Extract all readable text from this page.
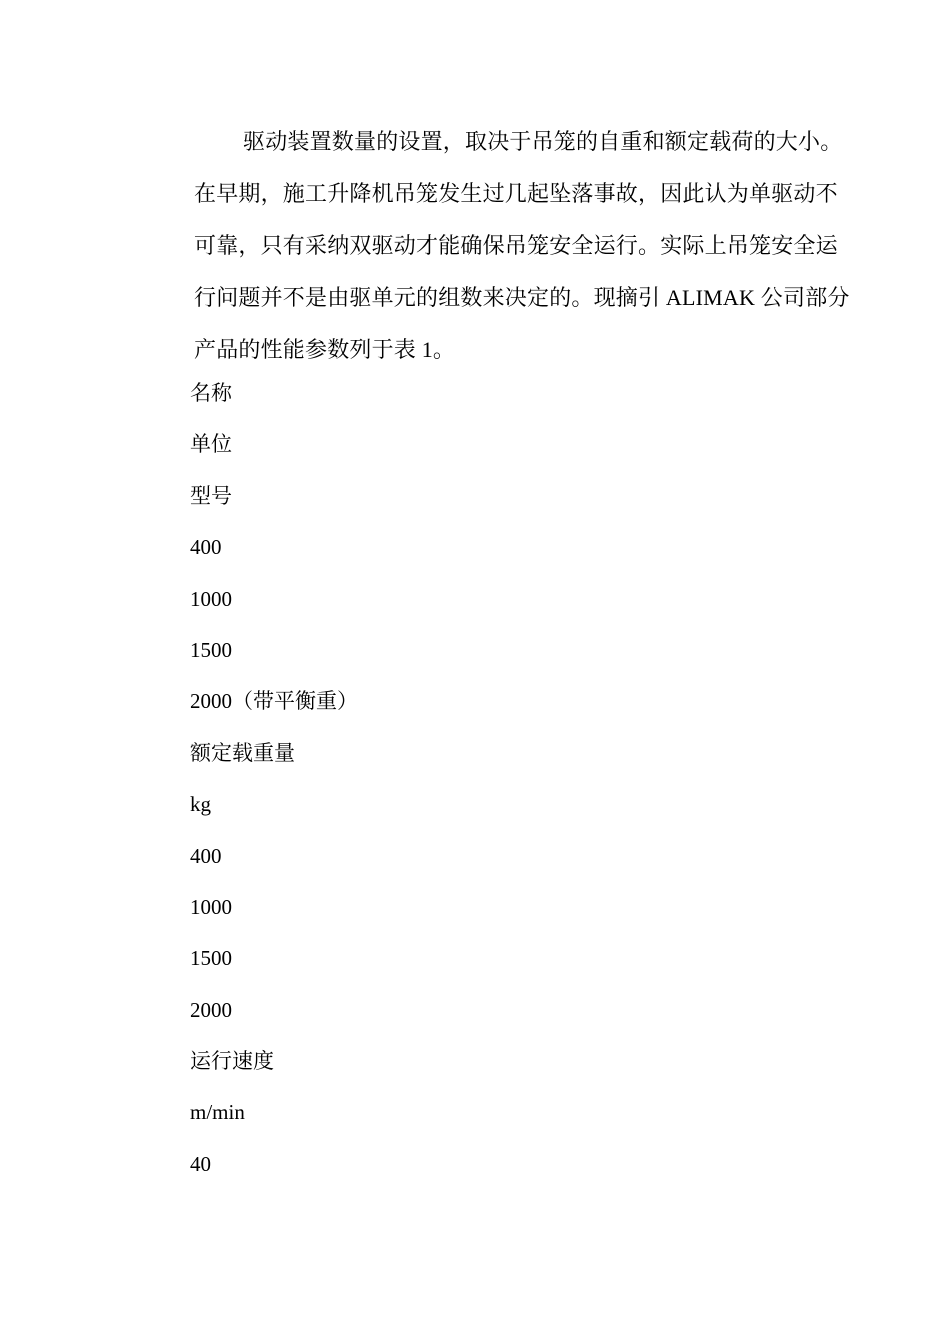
驱动装置数量的设置，取决于吊笼的自重和额定载荷的大小。
在早期，施工升降机吊笼发生过几起坠落事故，因此认为单驱动不
可靠，只有采纳双驱动才能确保吊笼安全运行。实际上吊笼安全运
行问题并不是由驱单元的组数来决定的。现摘引 ALIMAK 公司部分
产品的性能参数列于表 1。
名称
单位
型号
400
1000
1500
2000（带平衡重）
额定载重量
kg
400
1000
1500
2000
运行速度
m/min
40
